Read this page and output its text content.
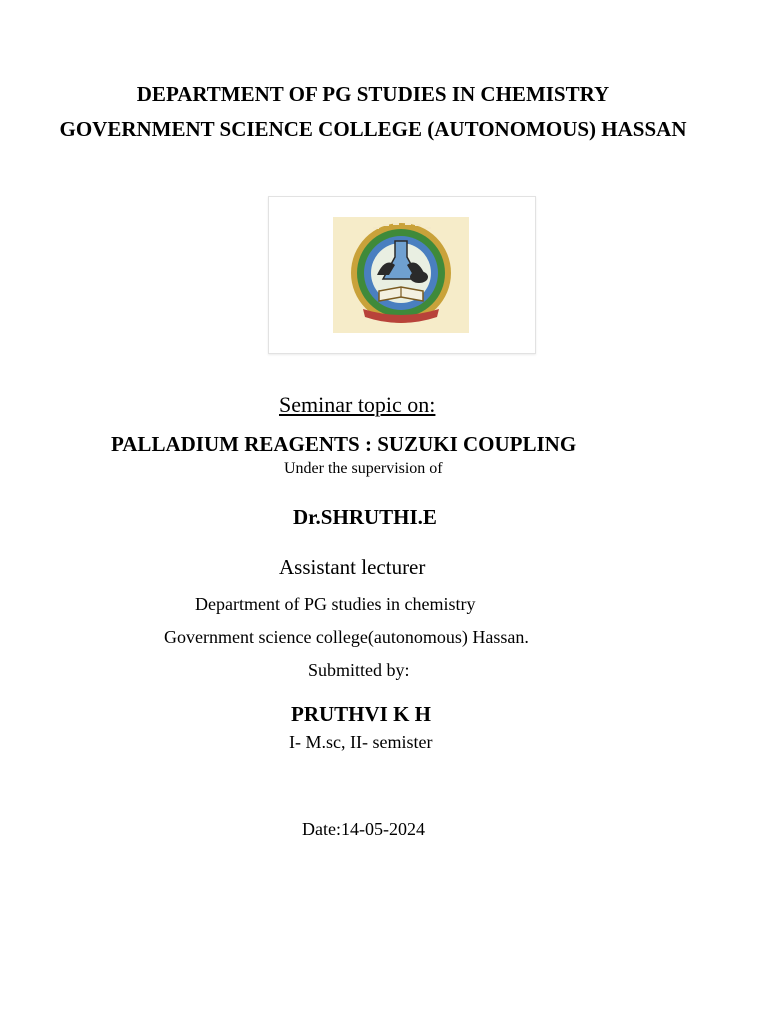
DEPARTMENT OF PG STUDIES IN CHEMISTRY
GOVERNMENT SCIENCE COLLEGE (AUTONOMOUS) HASSAN
Seminar topic on:
PALLADIUM REAGENTS : SUZUKI COUPLING
Under the supervision of
Dr.SHRUTHI.E
Assistant lecturer
Department of PG studies in chemistry
Government science college(autonomous) Hassan.
Submitted by:
PRUTHVI K H
I- M.sc, II- semister
Date:14-05-2024
